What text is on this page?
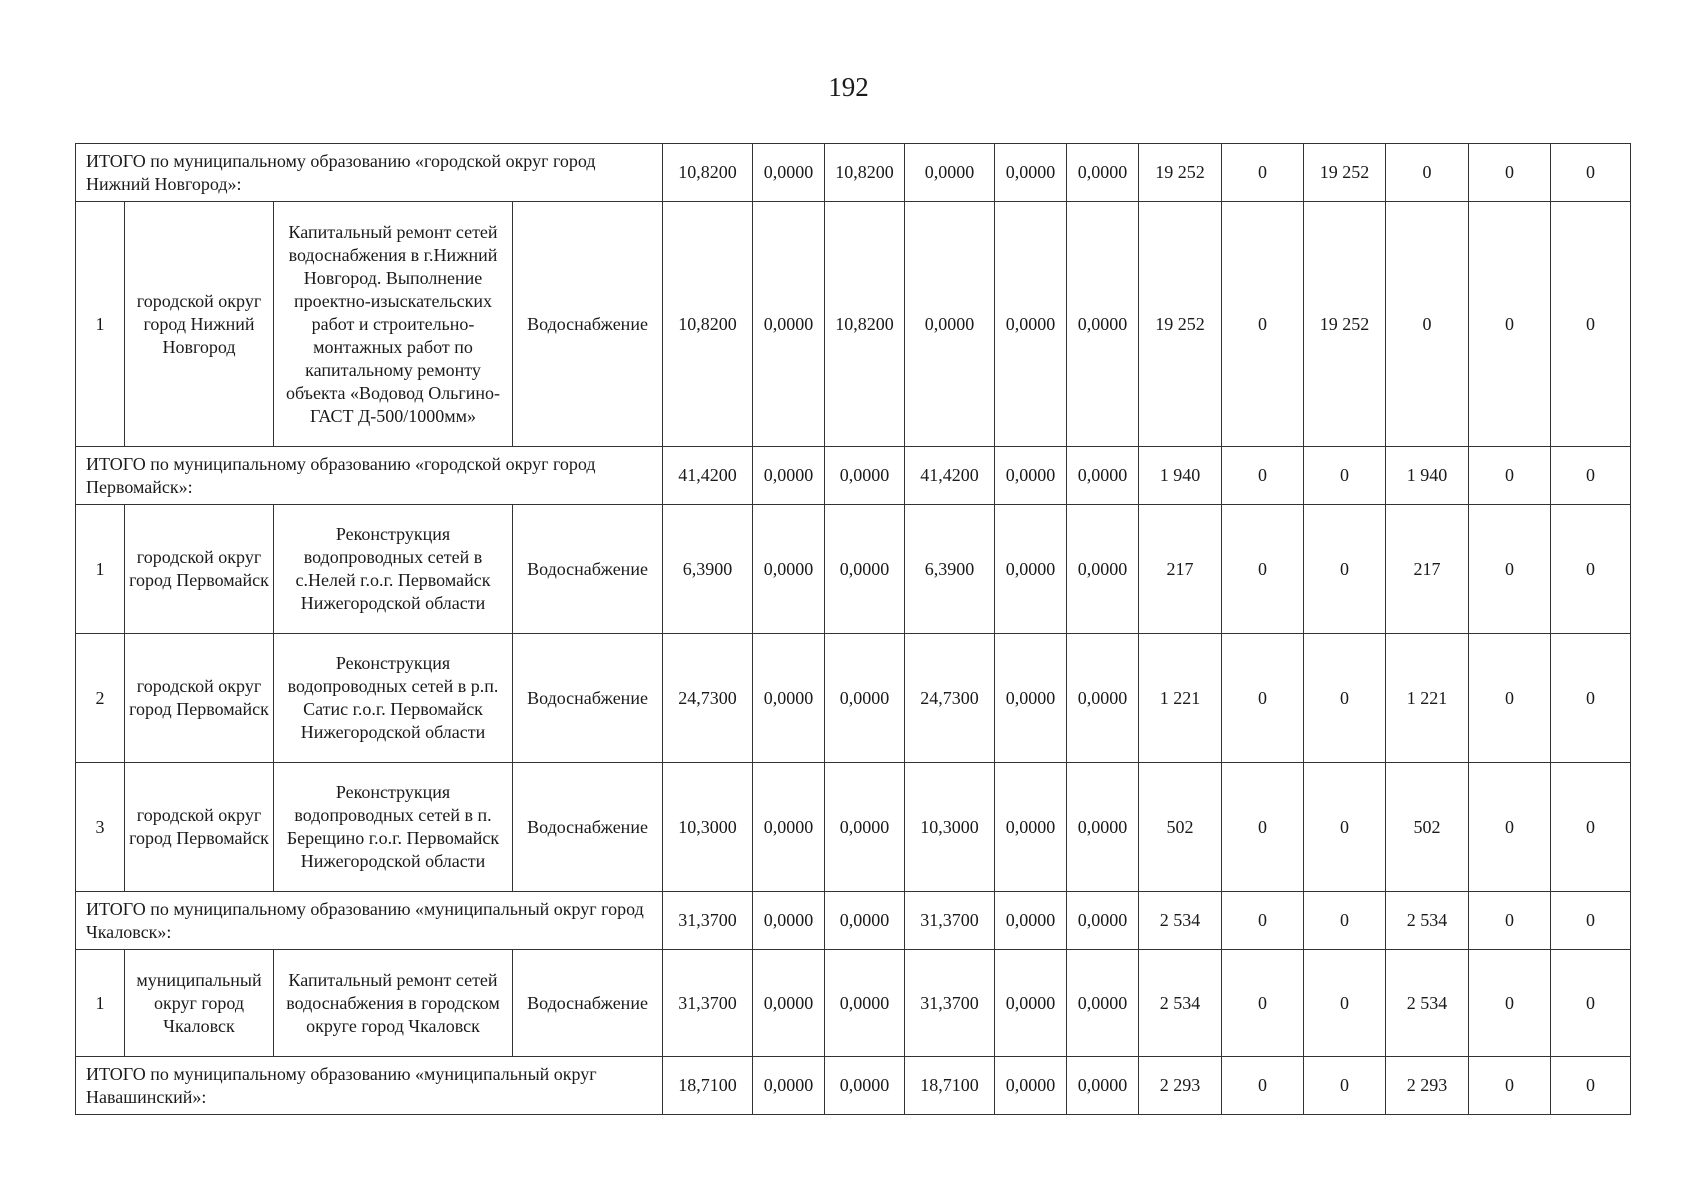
192
ИТОГО по муниципальному образованию «городской округ город Нижний Новгород»:				10,8200	0,0000	10,8200	0,0000	0,0000	0,0000	19 252	0	19 252	0	0	0
1	городской округ город Нижний Новгород	Капитальный ремонт сетей водоснабжения в г.Нижний Новгород. Выполнение проектно-изыскательских работ и строительно-монтажных работ по капитальному ремонту объекта «Водовод Ольгино-ГАСТ Д-500/1000мм»	Водоснабжение	10,8200	0,0000	10,8200	0,0000	0,0000	0,0000	19 252	0	19 252	0	0	0
ИТОГО по муниципальному образованию «городской округ город Первомайск»:				41,4200	0,0000	0,0000	41,4200	0,0000	0,0000	1 940	0	0	1 940	0	0
1	городской округ город Первомайск	Реконструкция водопроводных сетей в с.Нелей г.о.г. Первомайск Нижегородской области	Водоснабжение	6,3900	0,0000	0,0000	6,3900	0,0000	0,0000	217	0	0	217	0	0
2	городской округ город Первомайск	Реконструкция водопроводных сетей в р.п. Сатис г.о.г. Первомайск Нижегородской области	Водоснабжение	24,7300	0,0000	0,0000	24,7300	0,0000	0,0000	1 221	0	0	1 221	0	0
3	городской округ город Первомайск	Реконструкция водопроводных сетей в п. Берещино г.о.г. Первомайск Нижегородской области	Водоснабжение	10,3000	0,0000	0,0000	10,3000	0,0000	0,0000	502	0	0	502	0	0
ИТОГО по муниципальному образованию «муниципальный округ город Чкаловск»:				31,3700	0,0000	0,0000	31,3700	0,0000	0,0000	2 534	0	0	2 534	0	0
1	муниципальный округ город Чкаловск	Капитальный ремонт сетей водоснабжения в городском округе город Чкаловск	Водоснабжение	31,3700	0,0000	0,0000	31,3700	0,0000	0,0000	2 534	0	0	2 534	0	0
ИТОГО по муниципальному образованию «муниципальный округ Навашинский»:				18,7100	0,0000	0,0000	18,7100	0,0000	0,0000	2 293	0	0	2 293	0	0
